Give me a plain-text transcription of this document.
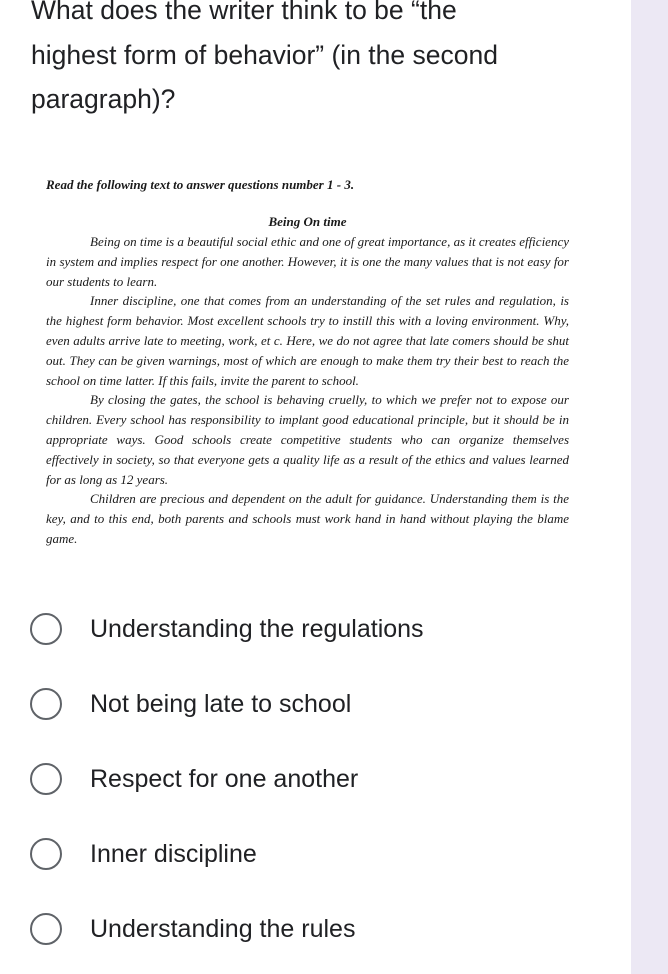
What does the writer think to be “the highest form of behavior” (in the second paragraph)?

Read the following text to answer questions number 1 - 3.

Being On time

Being on time is a beautiful social ethic and one of great importance, as it creates efficiency in system and implies respect for one another. However, it is one the many values that is not easy for our students to learn.

Inner discipline, one that comes from an understanding of the set rules and regulation, is the highest form behavior. Most excellent schools try to instill this with a loving environment. Why, even adults arrive late to meeting, work, et c. Here, we do not agree that late comers should be shut out. They can be given warnings, most of which are enough to make them try their best to reach the school on time latter. If this fails, invite the parent to school.

By closing the gates, the school is behaving cruelly, to which we prefer not to expose our children. Every school has responsibility to implant good educational principle, but it should be in appropriate ways. Good schools create competitive students who can organize themselves effectively in society, so that everyone gets a quality life as a result of the ethics and values learned for as long as 12 years.

Children are precious and dependent on the adult for guidance. Understanding them is the key, and to this end, both parents and schools must work hand in hand without playing the blame game.

Understanding the regulations
Not being late to school
Respect for one another
Inner discipline
Understanding the rules
